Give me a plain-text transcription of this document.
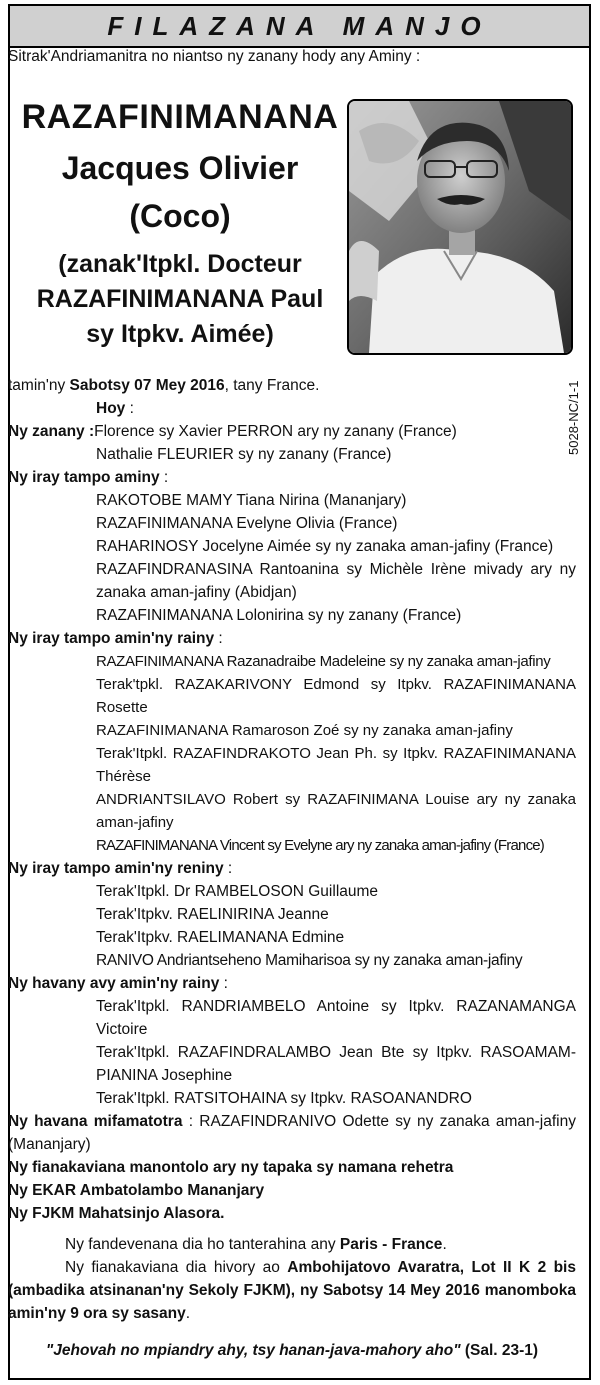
FILAZANA MANJO
Sitrak'Andriamanitra no niantso ny zanany hody any Aminy :
RAZAFINIMANANA
Jacques Olivier
(Coco)
(zanak'Itpkl. Docteur
RAZAFINIMANANA Paul
sy Itpkv. Aimée)
5028-NC/1-1
tamin'ny Sabotsy 07 Mey 2016, tany France.
Hoy :
Ny zanany :Florence sy Xavier PERRON ary ny zanany (France)
Nathalie FLEURIER sy ny zanany (France)
Ny iray tampo aminy :
RAKOTOBE MAMY Tiana Nirina (Mananjary)
RAZAFINIMANANA Evelyne Olivia (France)
RAHARINOSY Jocelyne Aimée sy ny zanaka aman-jafiny (France)
RAZAFINDRANASINA Rantoanina sy Michèle Irène mivady ary ny zanaka aman-jafiny (Abidjan)
RAZAFINIMANANA Lolonirina sy ny zanany (France)
Ny iray tampo amin'ny rainy :
RAZAFINIMANANA Razanadraibe Madeleine sy ny zanaka aman-jafiny
Terak'tpkl. RAZAKARIVONY Edmond sy Itpkv. RAZAFINIMANANA Rosette
RAZAFINIMANANA Ramaroson Zoé sy ny zanaka aman-jafiny
Terak'Itpkl. RAZAFINDRAKOTO Jean Ph. sy Itpkv. RAZAFINIMANANA Thérèse
ANDRIANTSILAVO Robert sy RAZAFINIMANA Louise ary ny zanaka aman-jafiny
RAZAFINIMANANA Vincent sy Evelyne ary ny zanaka aman-jafiny (France)
Ny iray tampo amin'ny reniny :
Terak'Itpkl. Dr RAMBELOSON Guillaume
Terak'Itpkv. RAELINIRINA Jeanne
Terak'Itpkv. RAELIMANANA Edmine
RANIVO Andriantseheno Mamiharisoa sy ny zanaka aman-jafiny
Ny havany avy amin'ny rainy :
Terak'Itpkl. RANDRIAMBELO Antoine sy Itpkv. RAZANAMANGA Victoire
Terak'Itpkl. RAZAFINDRALAMBO Jean Bte sy Itpkv. RASOAMAM-PIANINA Josephine
Terak'Itpkl. RATSITOHAINA sy Itpkv. RASOANANDRO
Ny havana mifamatotra : RAZAFINDRANIVO Odette sy ny zanaka aman-jafiny (Mananjary)
Ny fianakaviana manontolo ary ny tapaka sy namana rehetra
Ny EKAR Ambatolambo Mananjary
Ny FJKM Mahatsinjo Alasora.
Ny fandevenana dia ho tanterahina any Paris - France.
Ny fianakaviana dia hivory ao Ambohijatovo Avaratra, Lot II K 2 bis (ambadika atsinanan'ny Sekoly FJKM), ny Sabotsy 14 Mey 2016 manomboka amin'ny 9 ora sy sasany.
"Jehovah no mpiandry ahy, tsy hanan-java-mahory aho" (Sal. 23-1)
